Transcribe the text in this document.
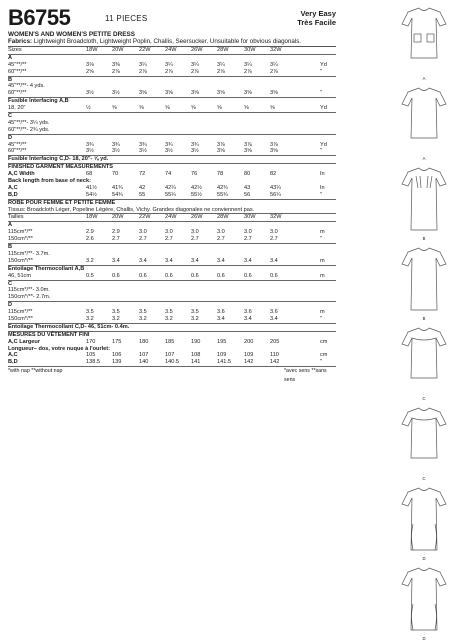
B6755	11 PIECES
Very Easy
Très Facile
WOMEN'S AND WOMEN'S PETITE DRESS
Fabrics: Lightweight Broadcloth, Lightweight Poplin, Challis, Seersucker. Unsuitable for obvious diagonals.
Sizes	18W	20W	22W	24W	26W	28W	30W	32W
A
45"**/**	3⅛	3⅜	3¼	3¼	3¼	3¼	3¼	3¼	Yd
60"**/**	2⅝	2⅞	2⅞	2⅞	2⅞	2⅞	2⅞	2⅞	"
B
45"**/**- 4 yds.
60"**/**	3½	3½	3⅝	3⅝	3⅝	3⅝	3⅝	3⅝	"
Fusible Interfacing A,B
18, 20"	½	⅝	⅝	⅝	⅝	⅝	⅝	⅝	Yd
C
45"**/**- 3¼ yds.
60"**/**- 2¾ yds.
D
45"**/**	3¾	3¾	3¾	3¾	3¾	3⅞	3⅞	3⅞	Yd
60"**/**	3½	3½	3½	3½	3½	3⅝	3⅝	3⅝	"
Fusible Interfacing C,D- 18, 20"- ⅝ yd.
FINISHED GARMENT MEASUREMENTS
A,C Width	68	70	72	74	76	78	80	82	In
Back length from base of neck:
A,C	41½	41¾	42	42¼	42½	42¾	43	43¼	In
B,D	54½	54¾	55	55¼	55½	55¾	56	56¼	"
ROBE POUR FEMME ET PETITE FEMME
Tissus: Broadcloth Léger, Popeline Légère, Challis, Vichy. Grandes diagonales ne conviennent pas.
Tailles	18W	20W	22W	24W	26W	28W	30W	32W
A
115cm*/**	2.9	2.9	3.0	3.0	3.0	3.0	3.0	3.0	m
150cm*/**	2.6	2.7	2.7	2.7	2.7	2.7	2.7	2.7	"
B
115cm*/**- 3.7m.
150cm*/**	3.2	3.4	3.4	3.4	3.4	3.4	3.4	3.4	m
Entoilage Thermocollant A,B
46, 51cm	0.5	0.6	0.6	0.6	0.6	0.6	0.6	0.6	m
C
115cm*/**- 3.0m.
150cm*/**- 2.7m.
D
115cm*/**	3.5	3.5	3.5	3.5	3.5	3.6	3.6	3.6	m
150cm*/**	3.2	3.2	3.2	3.2	3.2	3.4	3.4	3.4	"
Entoilage Thermocollant C,D- 46, 51cm- 0.4m.
MESURES DU VÊTEMENT FINI
A,C Largeur	170	175	180	185	190	195	200	205	cm
Longueur– dos, votre nuque à l'ourlet:
A,C	105	106	107	107	108	109	109	110	cm
B,D	138.5	139	140	140.5	141	141.5	142	142	"
*with nap **without nap	*avec sens **sans sens
A
A
B
B
C
C
D
D
